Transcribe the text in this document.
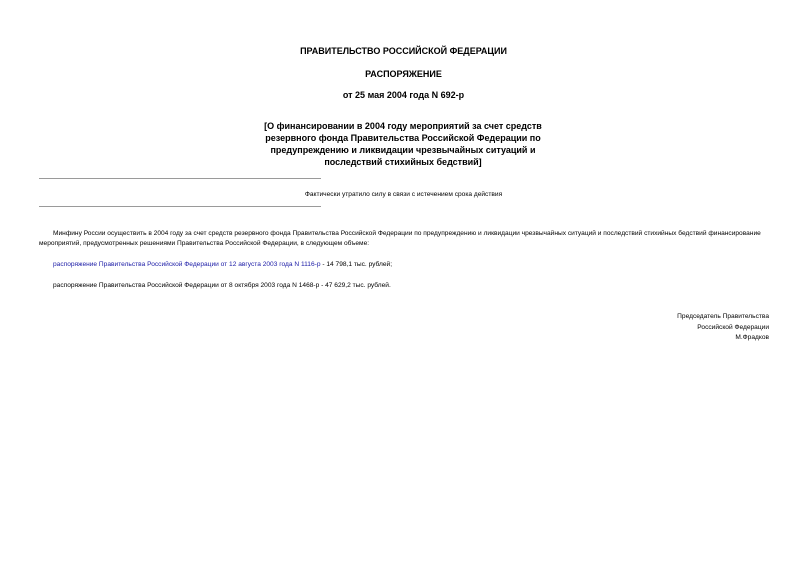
ПРАВИТЕЛЬСТВО РОССИЙСКОЙ ФЕДЕРАЦИИ
РАСПОРЯЖЕНИЕ
от 25 мая 2004 года N 692-р
[О финансировании в 2004 году мероприятий за счет средств
резервного фонда Правительства Российской Федерации по
предупреждению и ликвидации чрезвычайных ситуаций и
последствий стихийных бедствий]
Фактически утратило силу в связи с истечением срока действия
Минфину России осуществить в 2004 году за счет средств резервного фонда Правительства Российской Федерации по предупреждению и ликвидации чрезвычайных ситуаций и последствий стихийных бедствий финансирование мероприятий, предусмотренных решениями Правительства Российской Федерации, в следующем объеме:
распоряжение Правительства Российской Федерации от 12 августа 2003 года N 1116-р - 14 798,1 тыс. рублей;
распоряжение Правительства Российской Федерации от 8 октября 2003 года N 1468-р - 47 629,2 тыс. рублей.
Председатель Правительства
Российской Федерации
М.Фрадков
